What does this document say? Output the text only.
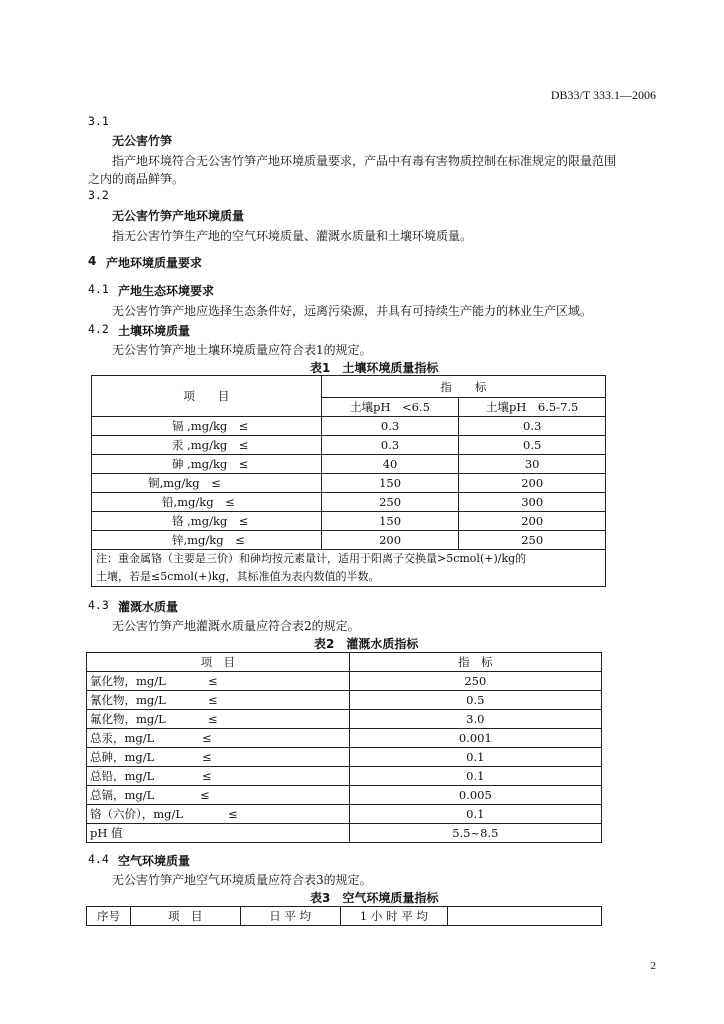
DB33/T 333.1—2006
3.1
无公害竹笋
指产地环境符合无公害竹笋产地环境质量要求，产品中有毒有害物质控制在标准规定的限量范围
之内的商品鲜笋。
3.2
无公害竹笋产地环境质量
指无公害竹笋生产地的空气环境质量、灌溉水质量和土壤环境质量。
4 产地环境质量要求
4.1 产地生态环境要求
无公害竹笋产地应选择生态条件好，远离污染源，并具有可持续生产能力的林业生产区域。
4.2 土壤环境质量
无公害竹笋产地土壤环境质量应符合表1的规定。
表1　土壤环境质量指标
项　　目	指　　标	
	土壤pH　<6.5	土壤pH　6.5-7.5
镉 ,mg/kg　≤	0.3	0.3
汞 ,mg/kg　≤	0.3	0.5
砷 ,mg/kg　≤	40	30
铜,mg/kg　≤	150	200
铅,mg/kg　≤	250	300
铬 ,mg/kg　≤	150	200
锌,mg/kg　≤	200	250

注：重金属铬（主要是三价）和砷均按元素量计，适用于阳离子交换量>5cmol(+)/kg的
土壤，若是≤5cmol(+)kg，其标准值为表内数值的半数。		
4.3 灌溉水质量
无公害竹笋产地灌溉水质量应符合表2的规定。
表2　灌溉水质指标
项　目	指　标
氯化物，mg/L ≤	250
氰化物，mg/L ≤	0.5
氟化物，mg/L ≤	3.0
总汞，mg/L ≤	0.001
总砷，mg/L ≤	0.1
总铅，mg/L ≤	0.1
总镉，mg/L ≤	0.005
铬（六价），mg/L ≤	0.1
pH 值	5.5~8.5
4.4 空气环境质量
无公害竹笋产地空气环境质量应符合表3的规定。
表3　空气环境质量指标
序号	项　目	日 平 均	1 小 时 平 均	
2
